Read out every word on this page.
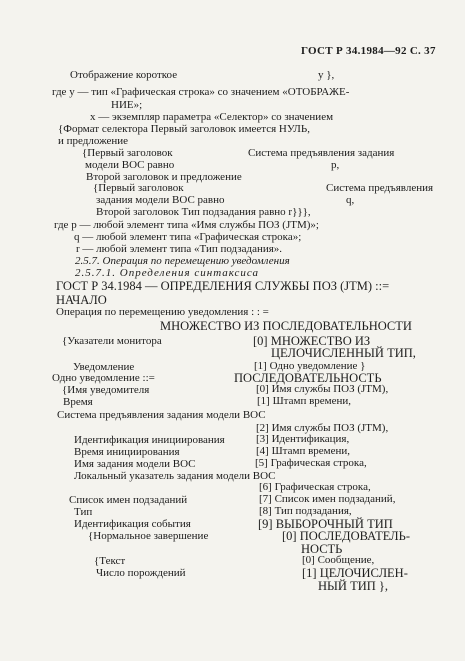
ГОСТ Р 34.1984—92 С. 37
Отображение короткое	у },
где у — тип «Графическая строка» со значением «ОТОБРАЖЕ-
НИЕ»;
х — экземпляр параметра «Селектор» со значением
{Формат селектора Первый заголовок имеется НУЛЬ,
и предложение
{Первый заголовок	Система предъявления задания
модели ВОС равно	р,
Второй заголовок и предложение
{Первый заголовок	Система предъявления
задания модели ВОС равно	q,
Второй заголовок Тип подзадания равно r}}},
где р — любой элемент типа «Имя службы ПОЗ (JTM)»;
q — любой элемент типа «Графическая строка»;
r — любой элемент типа «Тип подзадания».
2.5.7. Операция по перемещению уведомления
2.5.7.1. Определения синтаксиса
ГОСТ Р 34.1984 — ОПРЕДЕЛЕНИЯ СЛУЖБЫ ПОЗ (JTM) ::=
НАЧАЛО
Операция по перемещению уведомления : : =
МНОЖЕСТВО ИЗ ПОСЛЕДОВАТЕЛЬНОСТИ
{Указатели монитора	[0] МНОЖЕСТВО ИЗ
ЦЕЛОЧИСЛЕННЫЙ ТИП,
Уведомление	[1] Одно уведомление }
Одно уведомление ::=	ПОСЛЕДОВАТЕЛЬНОСТЬ
{Имя уведомителя	[0] Имя службы ПОЗ (JTM),
Время	[1] Штамп времени,
Система предъявления задания модели ВОС
[2] Имя службы ПОЗ (JTM),
Идентификация инициирования	[3] Идентификация,
Время инициирования	[4] Штамп времени,
Имя задания модели ВОС	[5] Графическая строка,
Локальный указатель задания модели ВОС
[6] Графическая строка,
Список имен подзаданий	[7] Список имен подзаданий,
Тип	[8] Тип подзадания,
Идентификация события	[9] ВЫБОРОЧНЫЙ ТИП
{Нормальное завершение	[0] ПОСЛЕДОВАТЕЛЬ-
НОСТЬ
{Текст	[0] Сообщение,
Число порождений	[1] ЦЕЛОЧИСЛЕН-
НЫЙ ТИП },
